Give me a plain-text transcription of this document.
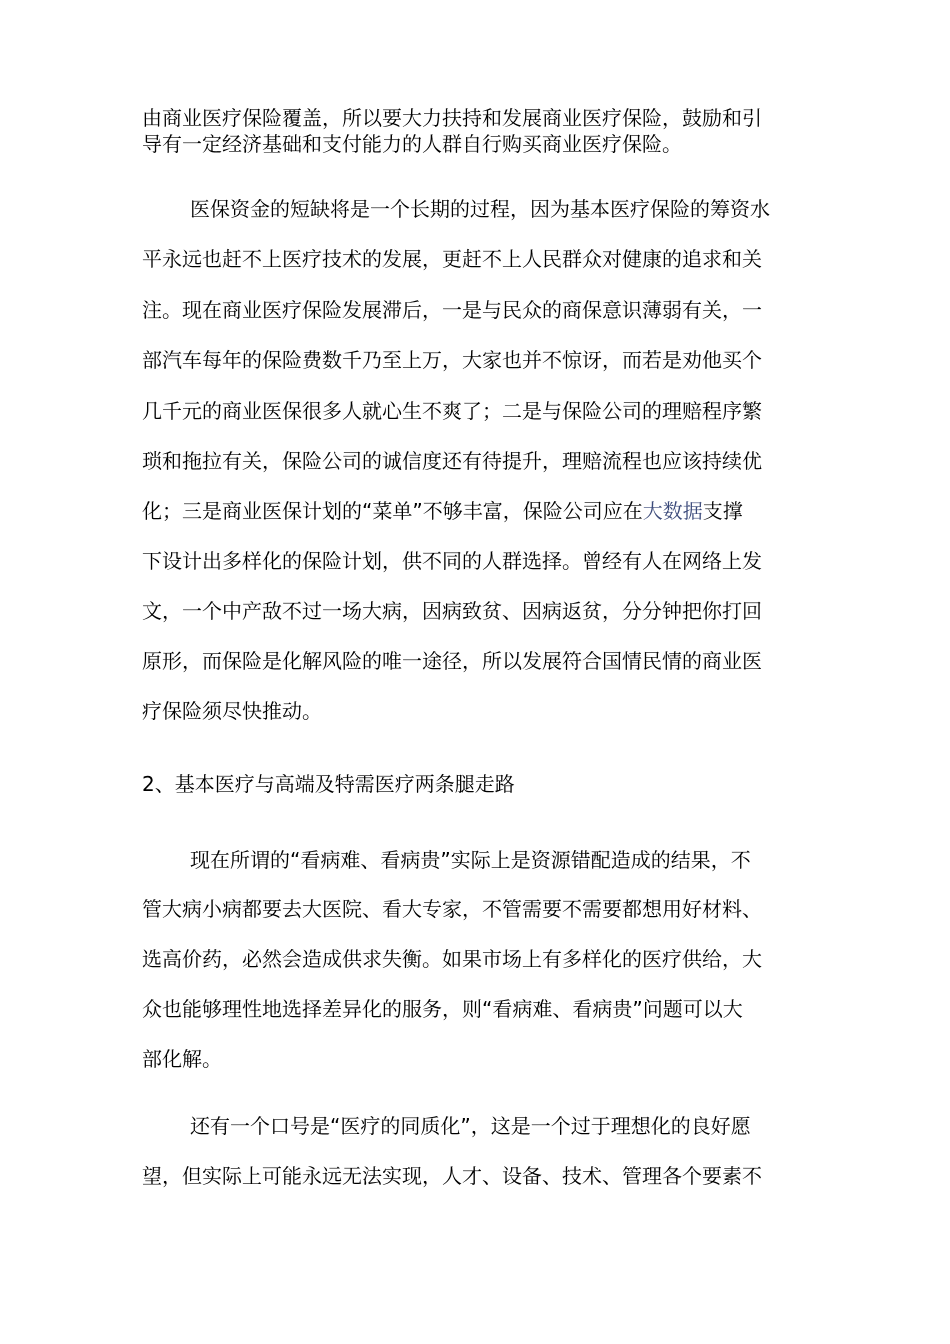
由商业医疗保险覆盖，所以要大力扶持和发展商业医疗保险，鼓励和引
导有一定经济基础和支付能力的人群自行购买商业医疗保险。
医保资金的短缺将是一个长期的过程，因为基本医疗保险的筹资水
平永远也赶不上医疗技术的发展，更赶不上人民群众对健康的追求和关
注。现在商业医疗保险发展滞后，一是与民众的商保意识薄弱有关，一
部汽车每年的保险费数千乃至上万，大家也并不惊讶，而若是劝他买个
几千元的商业医保很多人就心生不爽了；二是与保险公司的理赔程序繁
琐和拖拉有关，保险公司的诚信度还有待提升，理赔流程也应该持续优
化；三是商业医保计划的“菜单”不够丰富，保险公司应在大数据支撑
下设计出多样化的保险计划，供不同的人群选择。曾经有人在网络上发
文，一个中产敌不过一场大病，因病致贫、因病返贫，分分钟把你打回
原形，而保险是化解风险的唯一途径，所以发展符合国情民情的商业医
疗保险须尽快推动。
2、基本医疗与高端及特需医疗两条腿走路
现在所谓的“看病难、看病贵”实际上是资源错配造成的结果，不
管大病小病都要去大医院、看大专家，不管需要不需要都想用好材料、
选高价药，必然会造成供求失衡。如果市场上有多样化的医疗供给，大
众也能够理性地选择差异化的服务，则“看病难、看病贵”问题可以大
部化解。
还有一个口号是“医疗的同质化”，这是一个过于理想化的良好愿
望，但实际上可能永远无法实现，人才、设备、技术、管理各个要素不
